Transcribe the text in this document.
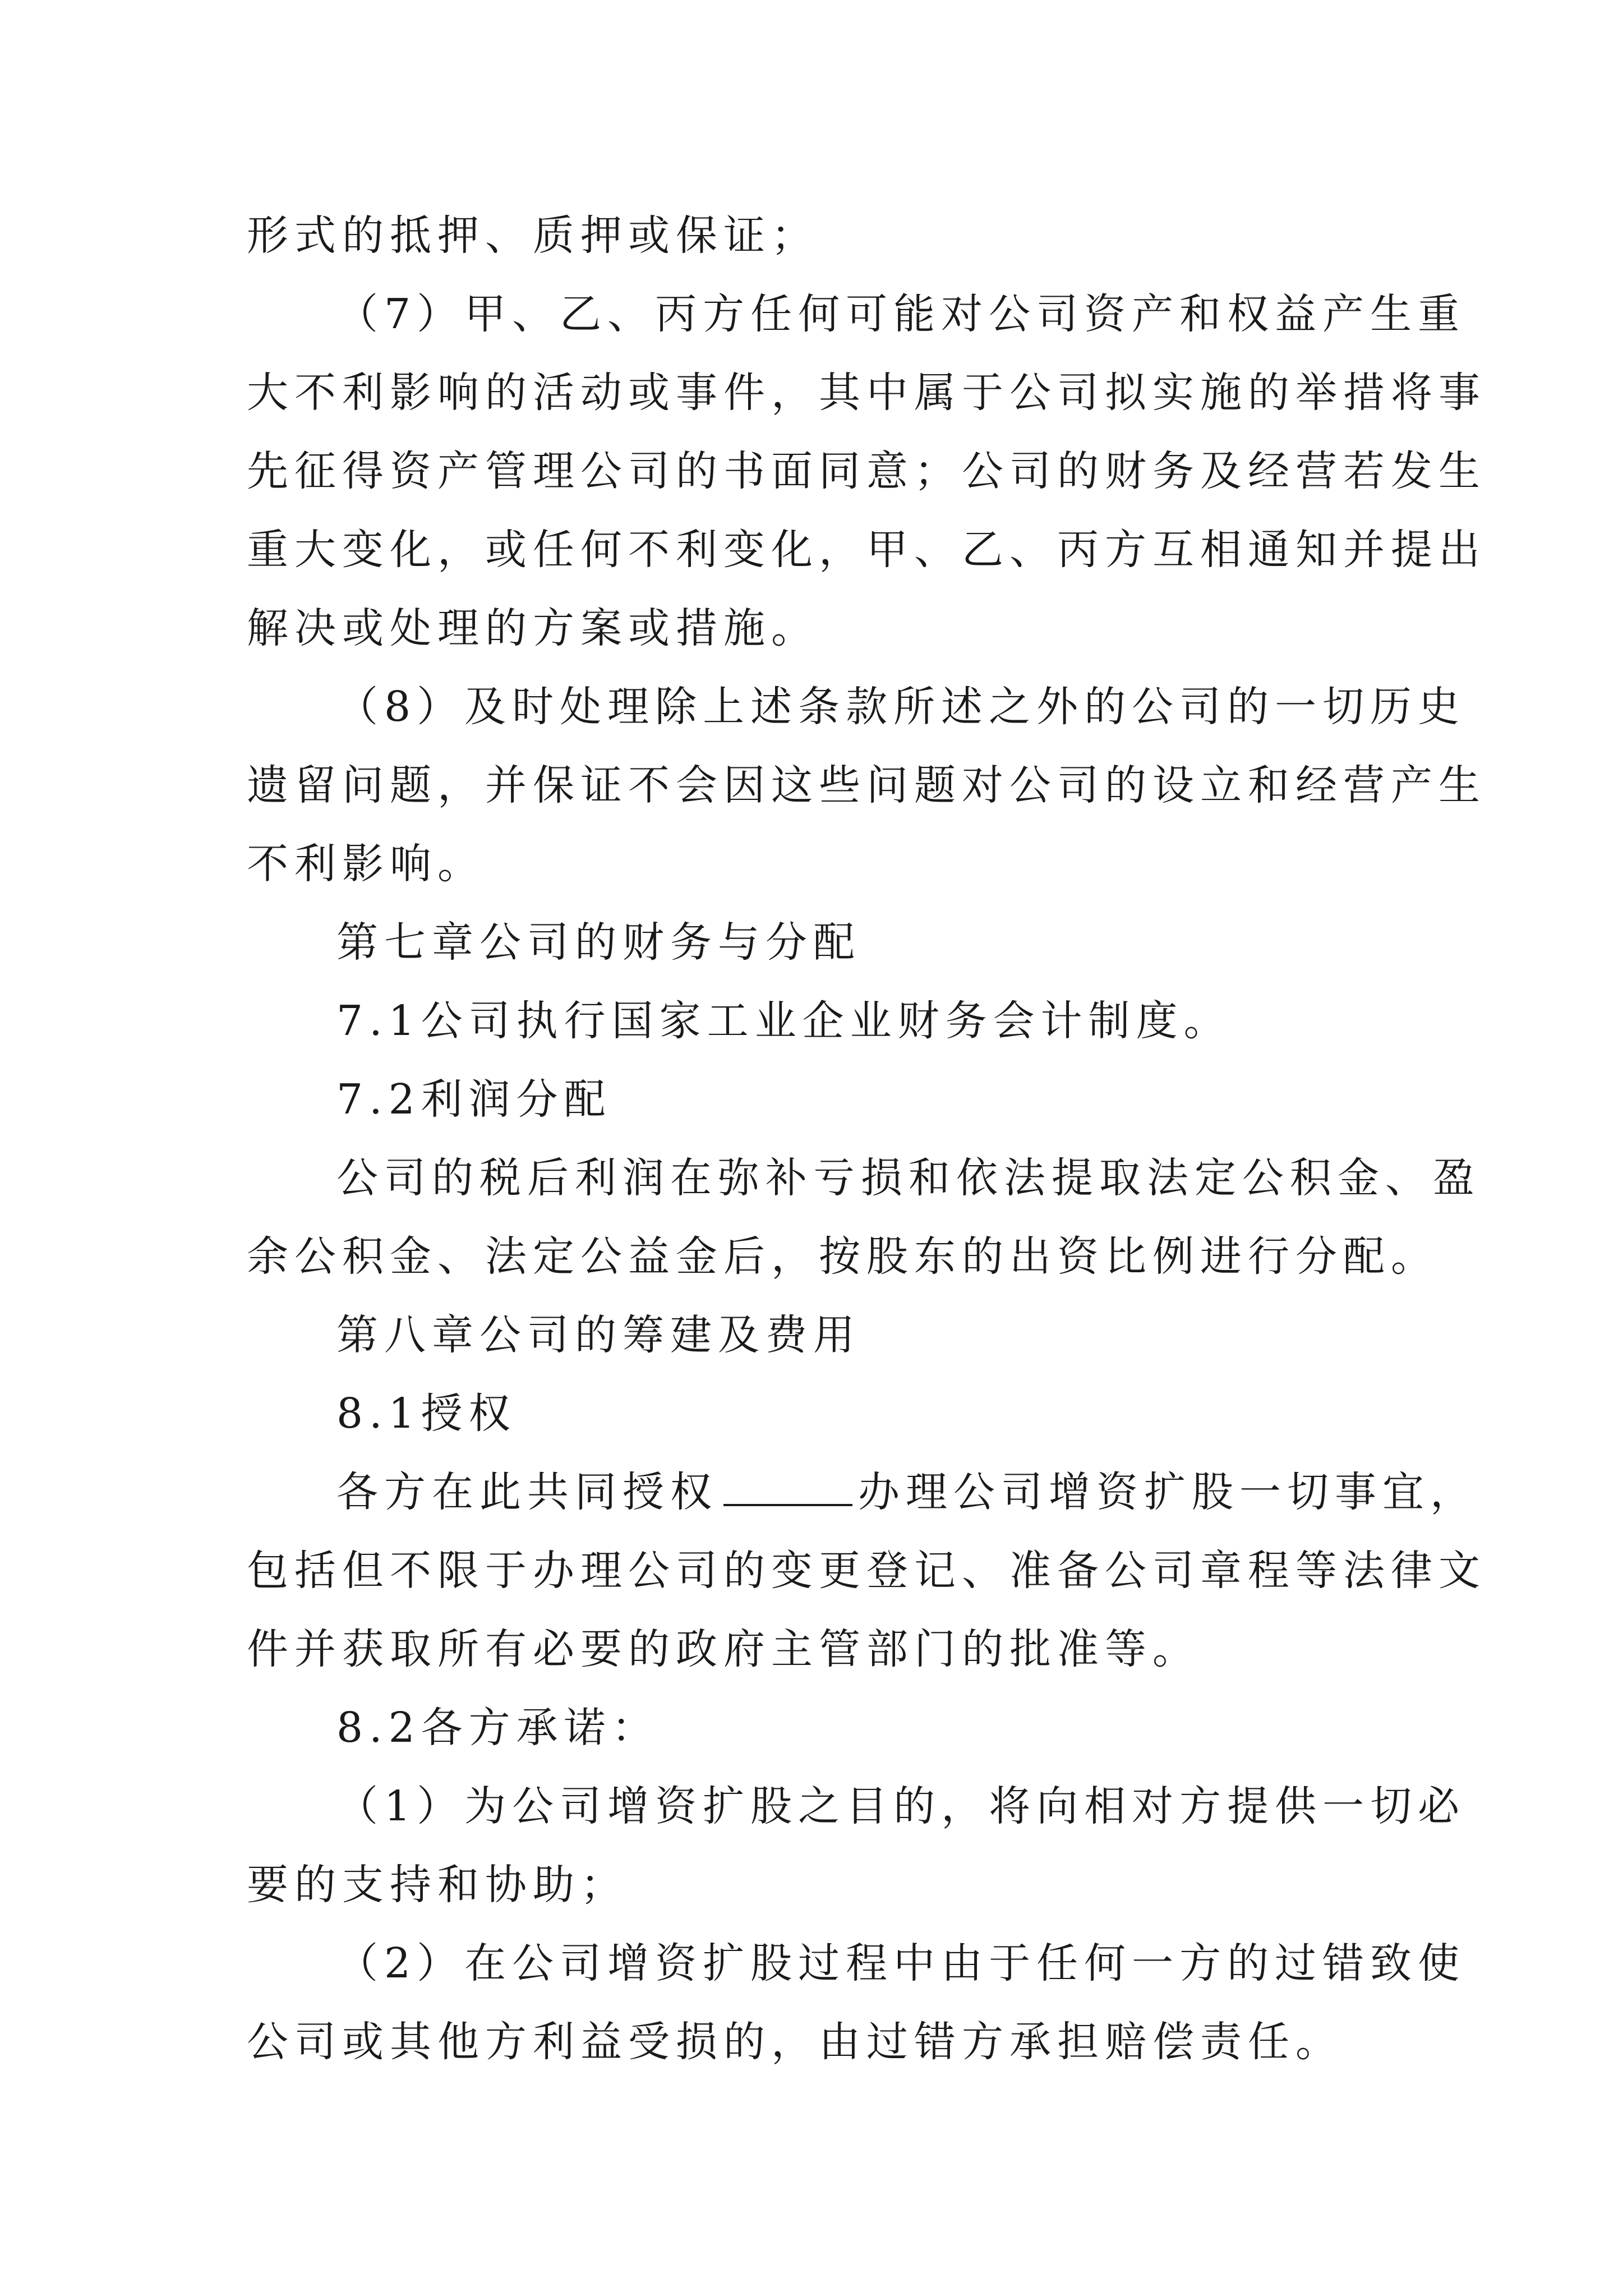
形式的抵押、质押或保证；

（7）甲、乙、丙方任何可能对公司资产和权益产生重
大不利影响的活动或事件，其中属于公司拟实施的举措将事
先征得资产管理公司的书面同意；公司的财务及经营若发生
重大变化，或任何不利变化，甲、乙、丙方互相通知并提出
解决或处理的方案或措施。

（8）及时处理除上述条款所述之外的公司的一切历史
遗留问题，并保证不会因这些问题对公司的设立和经营产生
不利影响。

第七章公司的财务与分配

7.1公司执行国家工业企业财务会计制度。

7.2利润分配

公司的税后利润在弥补亏损和依法提取法定公积金、盈
余公积金、法定公益金后，按股东的出资比例进行分配。

第八章公司的筹建及费用

8.1授权

各方在此共同授权	办理公司增资扩股一切事宜，
包括但不限于办理公司的变更登记、准备公司章程等法律文
件并获取所有必要的政府主管部门的批准等。

8.2各方承诺：

（1）为公司增资扩股之目的，将向相对方提供一切必
要的支持和协助；

（2）在公司增资扩股过程中由于任何一方的过错致使
公司或其他方利益受损的，由过错方承担赔偿责任。
